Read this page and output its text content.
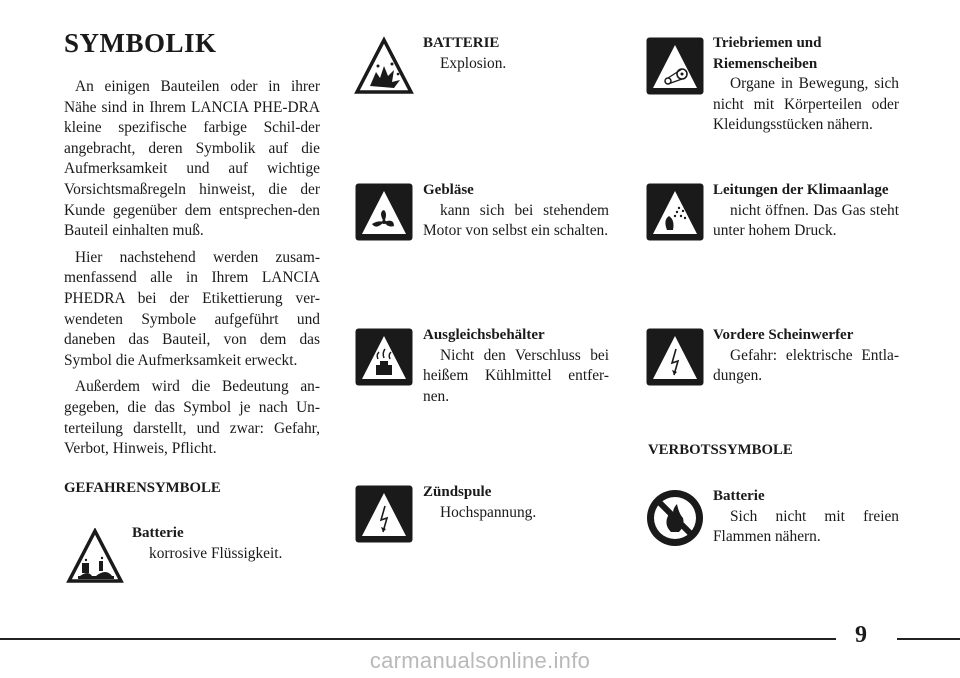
SYMBOLIK

An einigen Bauteilen oder in ihrer Nähe sind in Ihrem LANCIA PHE-DRA kleine spezifische farbige Schil-der angebracht, deren Symbolik auf die Aufmerksamkeit und auf wichtige Vorsichtsmaßregeln hinweist, die der Kunde gegenüber dem entsprechen-den Bauteil einhalten muß.

Hier nachstehend werden zusam-menfassend alle in Ihrem LANCIA PHEDRA bei der Etikettierung ver-wendeten Symbole aufgeführt und daneben das Bauteil, von dem das Symbol die Aufmerksamkeit erweckt.

Außerdem wird die Bedeutung an-gegeben, die das Symbol je nach Un-terteilung darstellt, und zwar: Gefahr, Verbot, Hinweis, Pflicht.

GEFAHRENSYMBOLE
Batterie

korrosive Flüssigkeit.

BATTERIE

Explosion.

Gebläse

kann sich bei stehendem Motor von selbst ein schalten.

Ausgleichsbehälter

Nicht den Verschluss bei heißem Kühlmittel entfer-nen.

Zündspule

Hochspannung.

Triebriemen und Riemenscheiben

Organe in Bewegung, sich nicht mit Körperteilen oder Kleidungsstücken nähern.

Leitungen der Klimaanlage

nicht öffnen. Das Gas steht unter hohem Druck.

Vordere Scheinwerfer

Gefahr: elektrische Entla-dungen.

VERBOTSSYMBOLE
Batterie

Sich nicht mit freien Flammen nähern.

9
carmanualsonline.info
